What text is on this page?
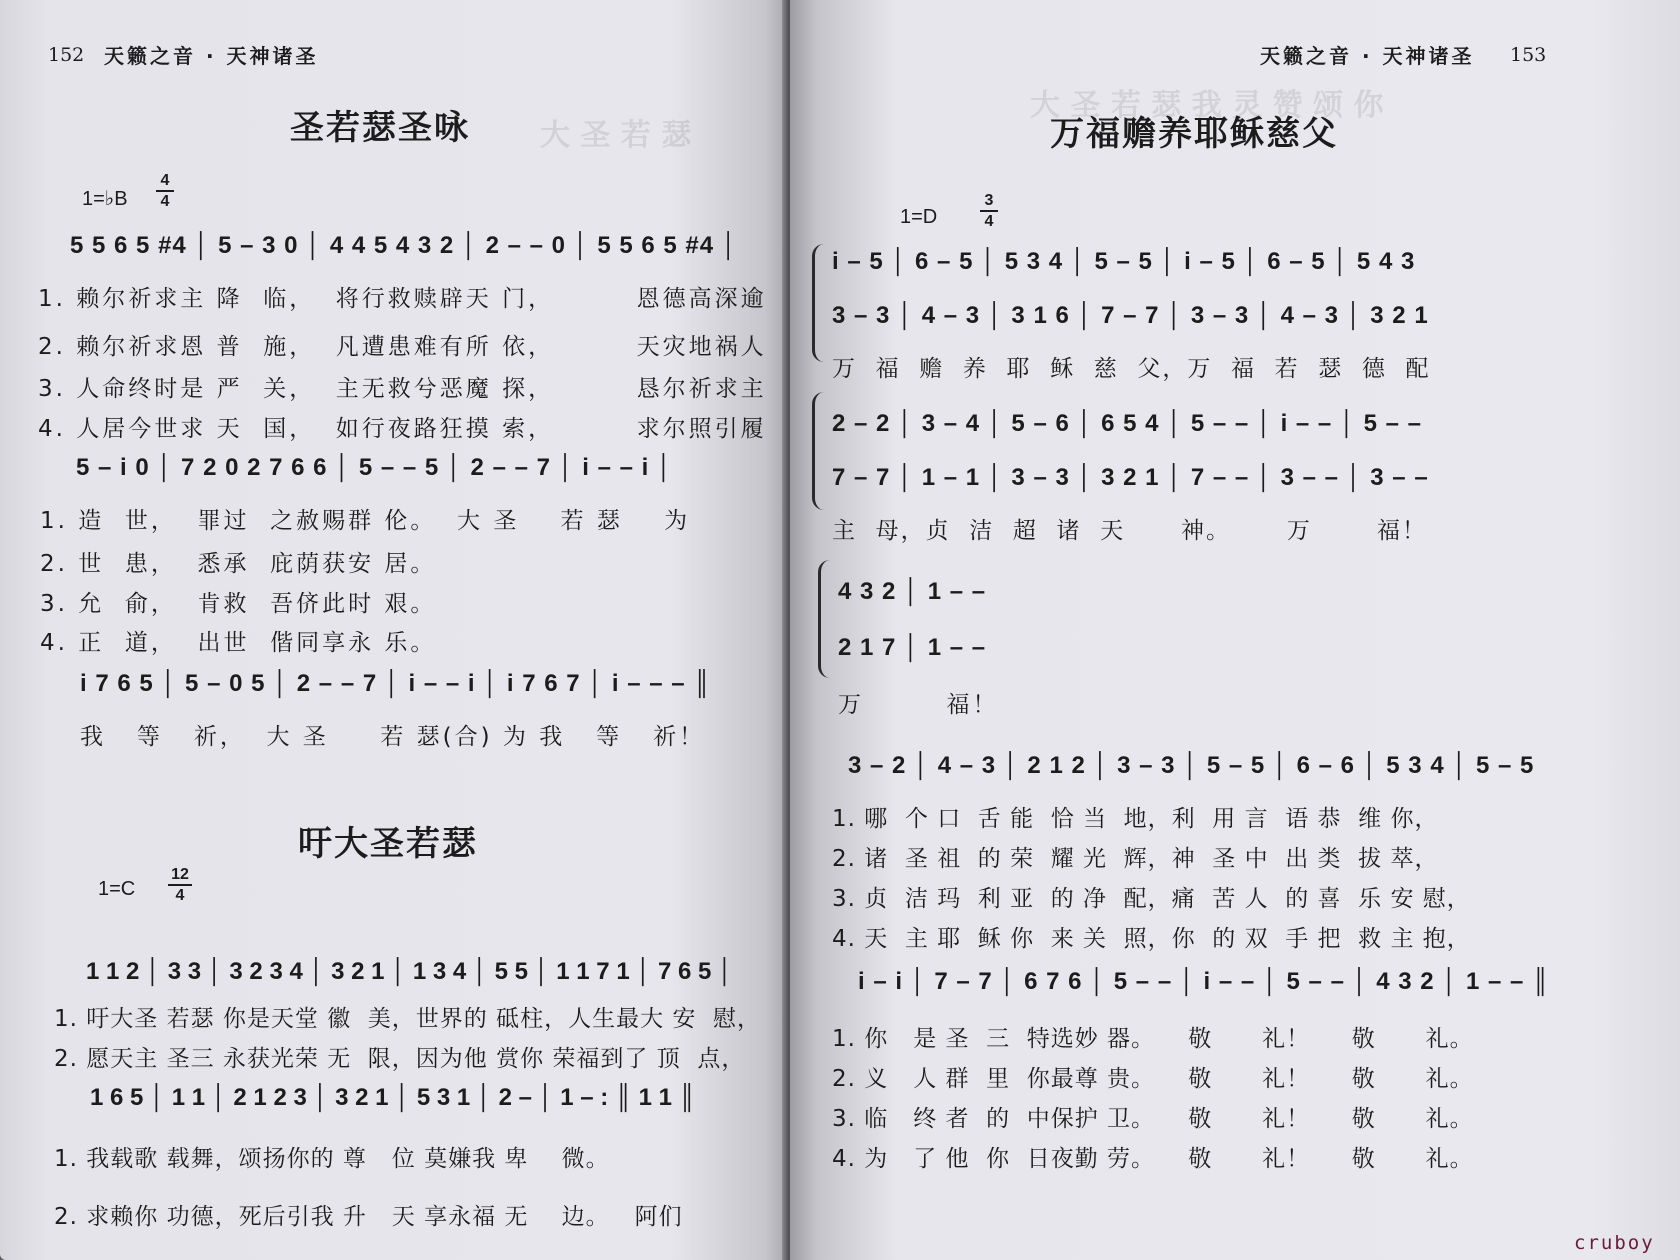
大 圣 若 瑟
152 天籁之音 · 天神诸圣
圣若瑟圣咏
1=♭B
4
4
5 5 6 5 #4 │ 5 – 3 0 │ 4 4 5 4 3 2 │ 2 – – 0 │ 5 5 6 5 #4 │
1. 赖尔祈求主 降  临，  将行救赎辟天 门，        恩德高深逾
2. 赖尔祈求恩 普  施，  凡遭患难有所 依，        天灾地祸人
3. 人命终时是 严  关，  主无救兮恶魔 探，        恳尔祈求主
4. 人居今世求 天  国，  如行夜路狂摸 索，        求尔照引履
5 – i 0 │ 7 2 0 2 7 6 6 │ 5 – – 5 │ 2 – – 7 │ i – – i │
1. 造  世，  罪过  之赦赐群 伦。  大 圣    若 瑟    为
2. 世  患，  悉承  庇荫获安 居。
3. 允  俞，  肯救  吾侪此时 艰。
4. 正  道，  出世  偕同享永 乐。
i 7 6 5 │ 5 – 0 5 │ 2 – – 7 │ i – – i │ i 7 6 7 │ i – – – ║
我   等   祈，  大 圣     若 瑟(合) 为 我   等   祈！
吁大圣若瑟
1=C
12
4
1 1 2 │ 3 3 │ 3 2 3 4 │ 3 2 1 │ 1 3 4 │ 5 5 │ 1 1 7 1 │ 7 6 5 │
1. 吁大圣 若瑟 你是天堂 徽  美，世界的 砥柱，人生最大 安  慰，
2. 愿天主 圣三 永获光荣 无  限，因为他 赏你 荣福到了 顶  点，
1 6 5 │ 1 1 │ 2 1 2 3 │ 3 2 1 │ 5 3 1 │ 2 – │ 1 – : ║ 1 1 ║
1. 我载歌 载舞，颂扬你的 尊   位 莫嫌我 卑    微。
2. 求赖你 功德，死后引我 升   天 享永福 无    边。   阿们
大 圣 若 瑟 我 灵 赞 颂 你
天籁之音 · 天神诸圣 153
万福赡养耶稣慈父
1=D
3
4
i – 5 │ 6 – 5 │ 5 3 4 │ 5 – 5 │ i – 5 │ 6 – 5 │ 5 4 3
3 – 3 │ 4 – 3 │ 3 1 6 │ 7 – 7 │ 3 – 3 │ 4 – 3 │ 3 2 1
万  福  赡  养  耶  稣  慈  父，万  福  若  瑟  德  配
2 – 2 │ 3 – 4 │ 5 – 6 │ 6 5 4 │ 5 – – │ i – – │ 5 – –
7 – 7 │ 1 – 1 │ 3 – 3 │ 3 2 1 │ 7 – – │ 3 – – │ 3 – –
主  母，贞  洁  超  诸  天      神。      万       福！
4 3 2 │ 1 – –
2 1 7 │ 1 – –
万        福！
3 – 2 │ 4 – 3 │ 2 1 2 │ 3 – 3 │ 5 – 5 │ 6 – 6 │ 5 3 4 │ 5 – 5
1. 哪  个 口  舌 能  恰 当  地，利  用 言  语 恭  维 你，
2. 诸  圣 祖  的 荣  耀 光  辉，神  圣 中  出 类  拔 萃，
3. 贞  洁 玛  利 亚  的 净  配，痛  苦 人  的 喜  乐 安 慰，
4. 天  主 耶  稣 你  来 关  照，你  的 双  手 把  救 主 抱，
i – i │ 7 – 7 │ 6 7 6 │ 5 – – │ i – – │ 5 – – │ 4 3 2 │ 1 – – ║
1. 你   是 圣  三  特选妙 器。    敬      礼！     敬      礼。
2. 义   人 群  里  你最尊 贵。    敬      礼！     敬      礼。
3. 临   终 者  的  中保护 卫。    敬      礼！     敬      礼。
4. 为   了 他  你  日夜勤 劳。    敬      礼！     敬      礼。
cruboy
